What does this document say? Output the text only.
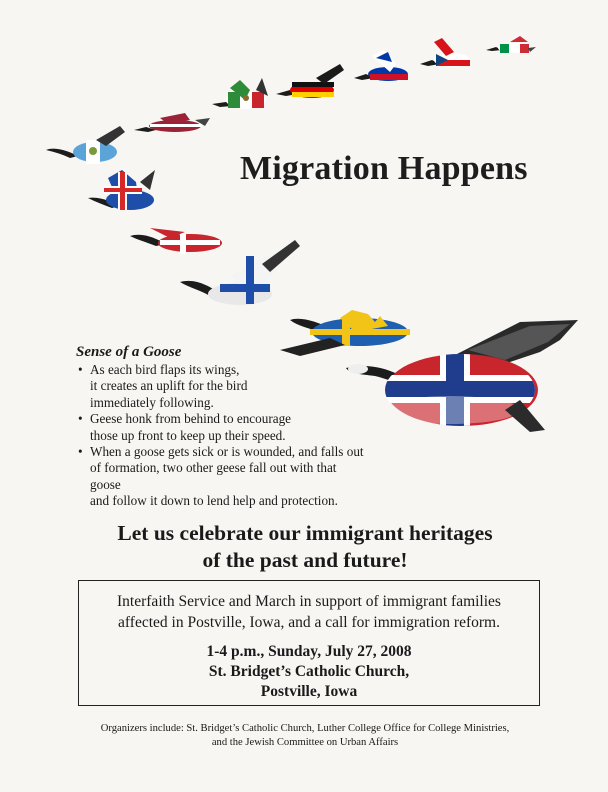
Migration Happens
Sense of a Goose
• As each bird flaps its wings,
it creates an uplift for the bird
immediately following.
• Geese honk from behind to encourage
those up front to keep up their speed.
• When a goose gets sick or is wounded, and falls out
of formation, two other geese fall out with that goose
and follow it down to lend help and protection.
Let us celebrate our immigrant heritages
of the past and future!
Interfaith Service and March in support of immigrant families
affected in Postville, Iowa, and a call for immigration reform.
1-4 p.m., Sunday, July 27, 2008
St. Bridget’s Catholic Church,
Postville, Iowa
Organizers include: St. Bridget’s Catholic Church, Luther College Office for College Ministries,
and the Jewish Committee on Urban Affairs
